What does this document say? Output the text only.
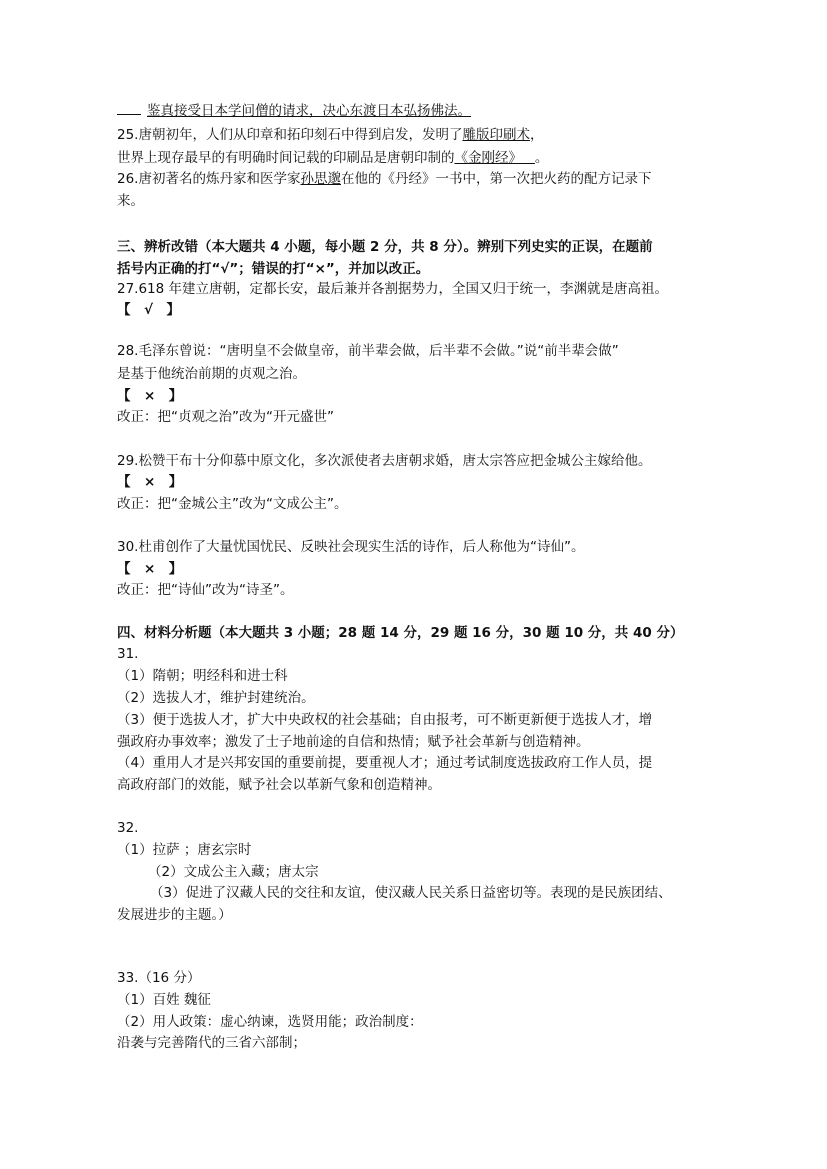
鉴真接受日本学问僧的请求，决心东渡日本弘扬佛法。
25.唐朝初年，人们从印章和拓印刻石中得到启发，发明了雕版印刷术，
世界上现存最早的有明确时间记载的印刷品是唐朝印制的《金刚经》 。
26.唐初著名的炼丹家和医学家孙思邈在他的《丹经》一书中，第一次把火药的配方记录下
来。
三、辨析改错（本大题共 4 小题，每小题 2 分，共 8 分）。辨别下列史实的正误，在题前
括号内正确的打“√”；错误的打“×”，并加以改正。
27.618 年建立唐朝，定都长安，最后兼并各割据势力，全国又归于统一，李渊就是唐高祖。
【　√　】
28.毛泽东曾说：“唐明皇不会做皇帝，前半辈会做，后半辈不会做。”说“前半辈会做”
是基于他统治前期的贞观之治。
【　×　】
改正：把“贞观之治”改为“开元盛世”
29.松赞干布十分仰慕中原文化，多次派使者去唐朝求婚，唐太宗答应把金城公主嫁给他。
【　×　】
改正：把“金城公主”改为“文成公主”。
30.杜甫创作了大量忧国忧民、反映社会现实生活的诗作，后人称他为“诗仙”。
【　×　】
改正：把“诗仙”改为“诗圣”。
四、材料分析题（本大题共 3 小题；28 题 14 分，29 题 16 分，30 题 10 分，共 40 分）
31.
（1）隋朝；明经科和进士科
（2）选拔人才，维护封建统治。
（3）便于选拔人才，扩大中央政权的社会基础；自由报考，可不断更新便于选拔人才，增
强政府办事效率；激发了士子地前途的自信和热情；赋予社会革新与创造精神。
（4）重用人才是兴邦安国的重要前提，要重视人才；通过考试制度选拔政府工作人员，提
高政府部门的效能，赋予社会以革新气象和创造精神。
32.
（1）拉萨 ；唐玄宗时
（2）文成公主入藏；唐太宗
（3）促进了汉藏人民的交往和友谊，使汉藏人民关系日益密切等。表现的是民族团结、
发展进步的主题。）
33.（16 分）
（1）百姓 魏征
（2）用人政策：虚心纳谏，选贤用能；政治制度：
沿袭与完善隋代的三省六部制；
